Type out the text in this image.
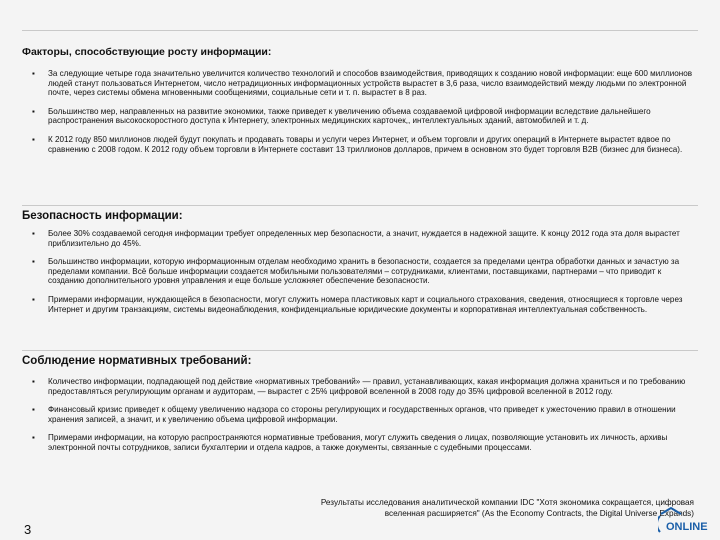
Факторы, способствующие росту информации:
▪ За следующие четыре года значительно увеличится количество технологий и способов взаимодействия, приводящих к созданию новой информации: еще 600 миллионов людей станут пользоваться Интернетом, число нетрадиционных информационных устройств вырастет в 3,6 раза, число взаимодействий между людьми по электронной почте, через системы обмена мгновенными сообщениями, социальные сети и т. п. вырастет в 8 раз.
▪ Большинство мер, направленных на развитие экономики, также приведет к увеличению объема создаваемой цифровой информации вследствие дальнейшего распространения высокоскоростного доступа к Интернету, электронных медицинских карточек,, интеллектуальных зданий, автомобилей и т. д.
▪ К 2012 году 850 миллионов людей будут покупать и продавать товары и услуги через Интернет, и объем торговли и других операций в Интернете вырастет вдвое по сравнению с 2008 годом. К 2012 году объем торговли в Интернете составит 13 триллионов долларов, причем в основном это будет торговля B2B (бизнес для бизнеса).
Безопасность информации:
▪ Более 30% создаваемой сегодня информации требует определенных мер безопасности, а значит, нуждается в надежной защите. К концу 2012 года эта доля вырастет приблизительно до 45%.
▪ Большинство информации, которую информационным отделам необходимо хранить в безопасности, создается за пределами центра обработки данных и зачастую за пределами компании. Всё больше информации создается мобильными пользователями – сотрудниками, клиентами, поставщиками, партнерами – что приводит к созданию дополнительного уровня управления и еще больше усложняет обеспечение безопасности.
▪ Примерами информации, нуждающейся в безопасности, могут служить номера пластиковых карт и социального страхования, сведения, относящиеся к торговле через Интернет и другим транзакциям, системы видеонаблюдения, конфиденциальные юридические документы и корпоративная интеллектуальная собственность.
Соблюдение нормативных требований:
▪ Количество информации, подпадающей под действие «нормативных требований» — правил, устанавливающих, какая информация должна храниться и по требованию предоставляться регулирующим органам и аудиторам, — вырастет с 25% цифровой вселенной в 2008 году до 35% цифровой вселенной в 2012 году.
▪ Финансовый кризис приведет к общему увеличению надзора со стороны регулирующих и государственных органов, что приведет к ужесточению правил в отношении хранения записей, а значит, и к увеличению объема цифровой информации.
▪ Примерами информации, на которую распространяются нормативные требования, могут служить сведения о лицах, позволяющие установить их личность, архивы электронной почты сотрудников, записи бухгалтерии и отдела кадров, а также документы, связанные с судебными процессами.
3
Результаты исследования аналитической компании IDC "Хотя экономика сокращается, цифровая
вселенная расширяется" (As the Economy Contracts, the Digital Universe Expands)
ONLINE
